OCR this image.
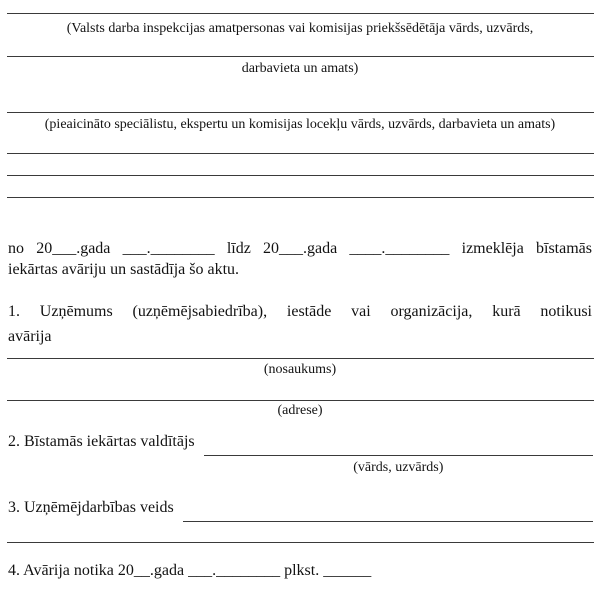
(Valsts darba inspekcijas amatpersonas vai komisijas priekšsēdētāja vārds, uzvārds,
darbavieta un amats)
(pieaicināto speciālistu, ekspertu un komisijas locekļu vārds, uzvārds, darbavieta un amats)
no 20___.gada ___.________ līdz 20___.gada ____.________ izmeklēja bīstamās
iekārtas avāriju un sastādīja šo aktu.
1. Uzņēmums (uzņēmējsabiedrība), iestāde vai organizācija, kurā notikusi
avārija
(nosaukums)
(adrese)
2. Bīstamās iekārtas valdītājs
(vārds, uzvārds)
3. Uzņēmējdarbības veids
4. Avārija notika 20__.gada ___.________ plkst. ______
